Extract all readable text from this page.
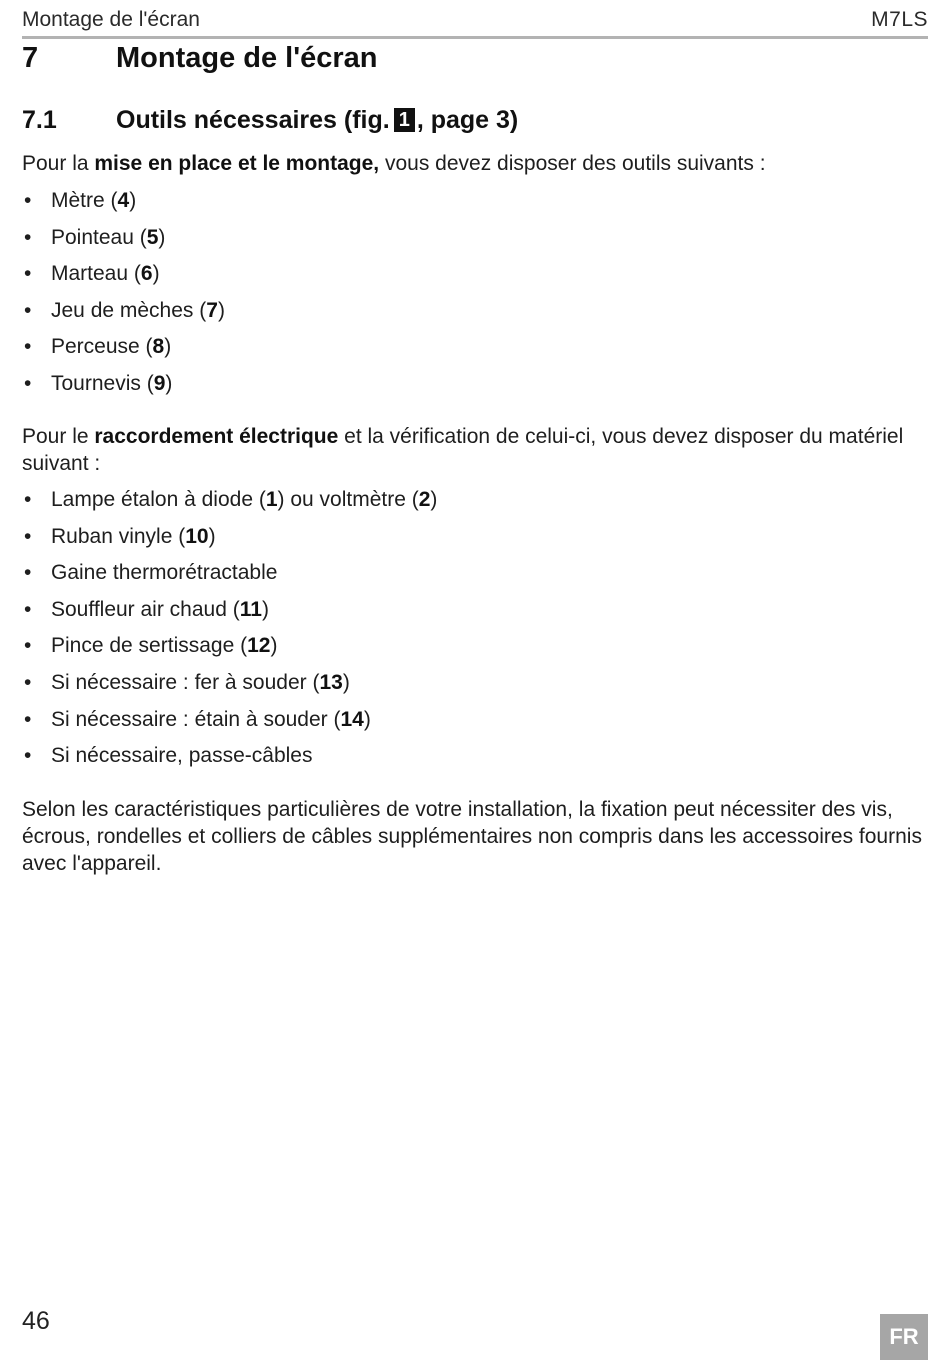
Montage de l'écran	M7LS
7	Montage de l'écran
7.1 Outils nécessaires (fig. 1 , page 3)
Pour la mise en place et le montage, vous devez disposer des outils suivants :
• Mètre (4)
• Pointeau (5)
• Marteau (6)
• Jeu de mèches (7)
• Perceuse (8)
• Tournevis (9)
Pour le raccordement électrique et la vérification de celui-ci, vous devez disposer du matériel suivant :
• Lampe étalon à diode (1) ou voltmètre (2)
• Ruban vinyle (10)
• Gaine thermorétractable
• Souffleur air chaud (11)
• Pince de sertissage (12)
• Si nécessaire : fer à souder (13)
• Si nécessaire : étain à souder (14)
• Si nécessaire, passe-câbles
Selon les caractéristiques particulières de votre installation, la fixation peut nécessiter des vis, écrous, rondelles et colliers de câbles supplémentaires non compris dans les accessoires fournis avec l'appareil.
46
FR
